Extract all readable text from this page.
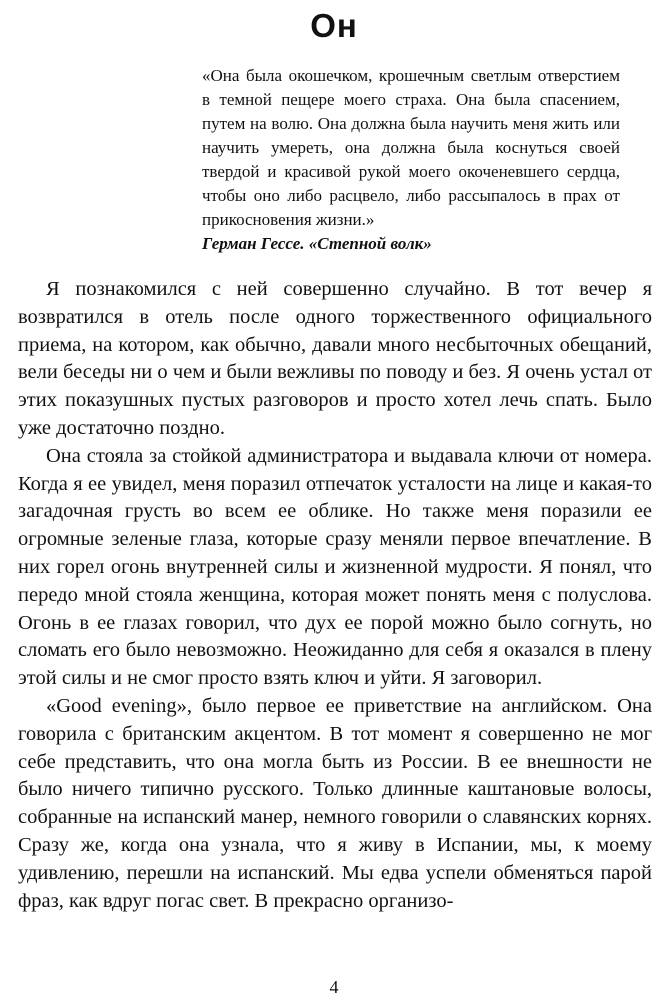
Он

«Она была окошечком, крошечным светлым отверстием в темной пещере моего страха. Она была спасением, путем на волю. Она должна была научить меня жить или научить умереть, она должна была коснуться своей твердой и красивой рукой моего окоченевшего сердца, чтобы оно либо расцвело, либо рассыпалось в прах от прикосновения жизни.»

Герман Гессе. «Степной волк»

Я познакомился с ней совершенно случайно. В тот вечер я возвратился в отель после одного торжественного официального приема, на котором, как обычно, давали много несбыточных обещаний, вели беседы ни о чем и были вежливы по поводу и без. Я очень устал от этих показушных пустых разговоров и просто хотел лечь спать. Было уже достаточно поздно.

Она стояла за стойкой администратора и выдавала ключи от номера. Когда я ее увидел, меня поразил отпечаток усталости на лице и какая-то загадочная грусть во всем ее облике. Но также меня поразили ее огромные зеленые глаза, которые сразу меняли первое впечатление. В них горел огонь внутренней силы и жизненной мудрости. Я понял, что передо мной стояла женщина, которая может понять меня с полуслова. Огонь в ее глазах говорил, что дух ее порой можно было согнуть, но сломать его было невозможно. Неожиданно для себя я оказался в плену этой силы и не смог просто взять ключ и уйти. Я заговорил.

«Good evening», было первое ее приветствие на английском. Она говорила с британским акцентом. В тот момент я совершенно не мог себе представить, что она могла быть из России. В ее внешности не было ничего типично русского. Только длинные каштановые волосы, собранные на испанский манер, немного говорили о славянских корнях. Сразу же, когда она узнала, что я живу в Испании, мы, к моему удивлению, перешли на испанский. Мы едва успели обменяться парой фраз, как вдруг погас свет. В прекрасно организо-

4
